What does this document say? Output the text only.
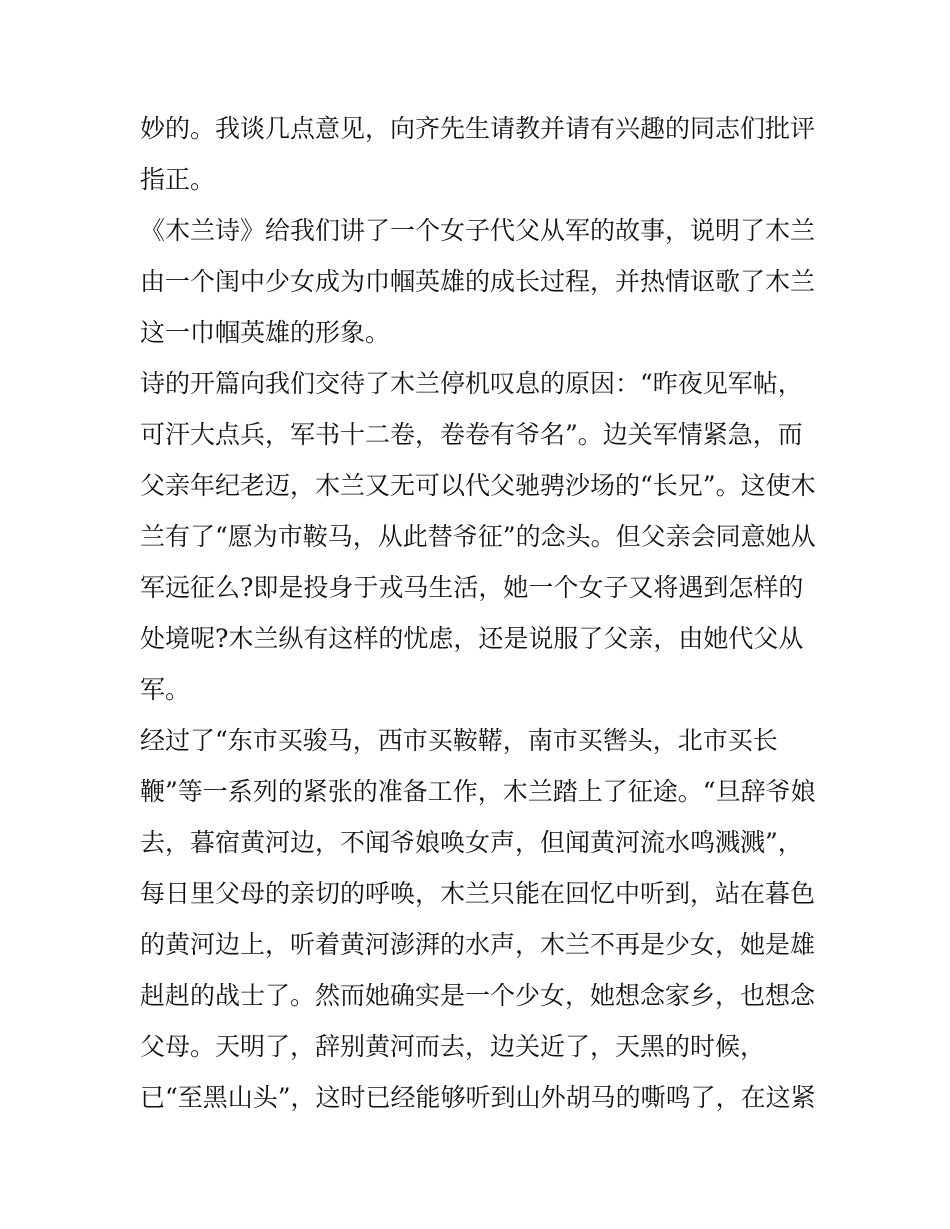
妙的。我谈几点意见，向齐先生请教并请有兴趣的同志们批评
指正。
《木兰诗》给我们讲了一个女子代父从军的故事，说明了木兰
由一个闺中少女成为巾帼英雄的成长过程，并热情讴歌了木兰
这一巾帼英雄的形象。
诗的开篇向我们交待了木兰停机叹息的原因：“昨夜见军帖，
可汗大点兵，军书十二卷，卷卷有爷名”。边关军情紧急，而
父亲年纪老迈，木兰又无可以代父驰骋沙场的“长兄”。这使木
兰有了“愿为市鞍马，从此替爷征”的念头。但父亲会同意她从
军远征么?即是投身于戎马生活，她一个女子又将遇到怎样的
处境呢?木兰纵有这样的忧虑，还是说服了父亲，由她代父从
军。
经过了“东市买骏马，西市买鞍鞯，南市买辔头，北市买长
鞭”等一系列的紧张的准备工作，木兰踏上了征途。“旦辞爷娘
去，暮宿黄河边，不闻爷娘唤女声，但闻黄河流水鸣溅溅”，
每日里父母的亲切的呼唤，木兰只能在回忆中听到，站在暮色
的黄河边上，听着黄河澎湃的水声，木兰不再是少女，她是雄
赳赳的战士了。然而她确实是一个少女，她想念家乡，也想念
父母。天明了，辞别黄河而去，边关近了，天黑的时候，
已“至黑山头”，这时已经能够听到山外胡马的嘶鸣了，在这紧
